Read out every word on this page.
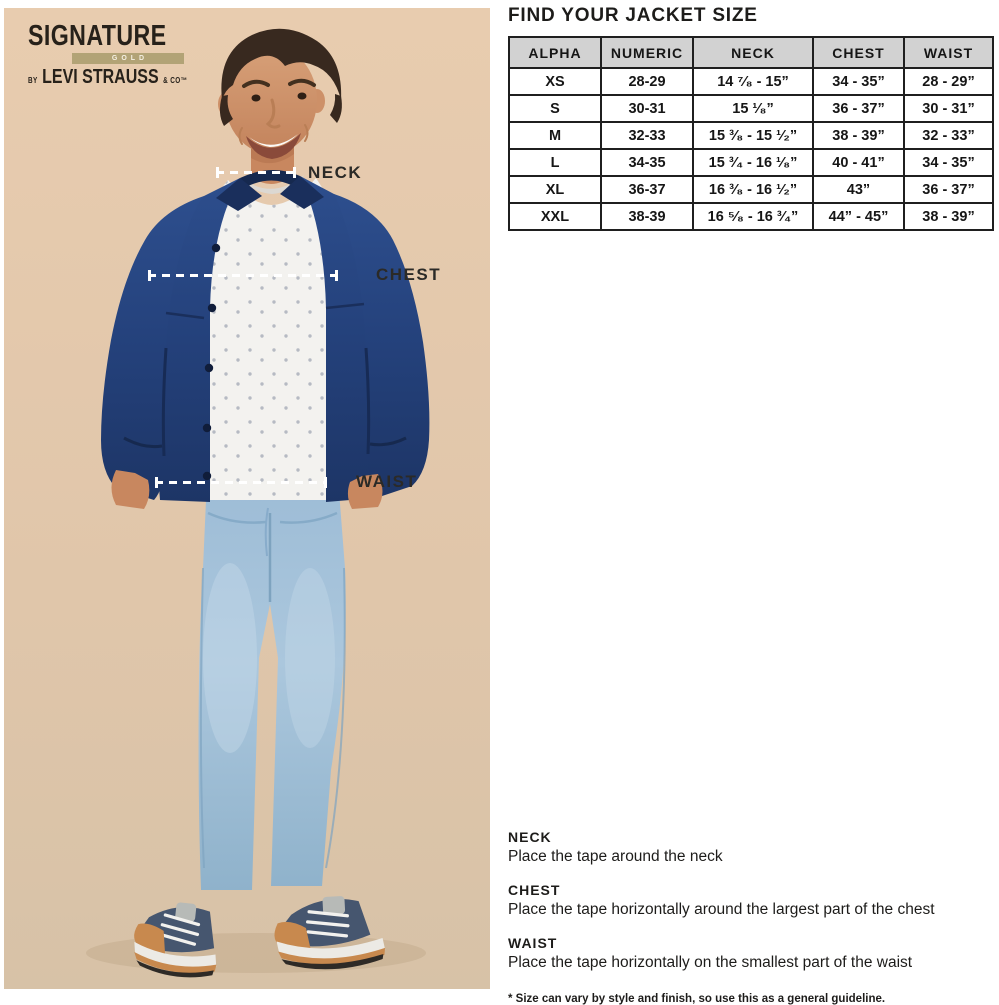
SIGNATURE
GOLD
BY LEVI STRAUSS & CO™
NECK
CHEST
WAIST
FIND YOUR JACKET SIZE
ALPHA	NUMERIC	NECK	CHEST	WAIST
XS	28-29	14 ⁷⁄₈ - 15”	34 - 35”	28 - 29”
S	30-31	15 ¹⁄₈”	36 - 37”	30 - 31”
M	32-33	15 ³⁄₈ - 15 ¹⁄₂”	38 - 39”	32 - 33”
L	34-35	15 ³⁄₄ - 16 ¹⁄₈”	40 - 41”	34 - 35”
XL	36-37	16 ³⁄₈ - 16 ¹⁄₂”	43”	36 - 37”
XXL	38-39	16 ⁵⁄₈ - 16 ³⁄₄”	44” - 45”	38 - 39”
NECK

Place the tape around the neck

CHEST

Place the tape horizontally around the largest part of the chest

WAIST

Place the tape horizontally on the smallest part of the waist

* Size can vary by style and finish, so use this as a general guideline.
